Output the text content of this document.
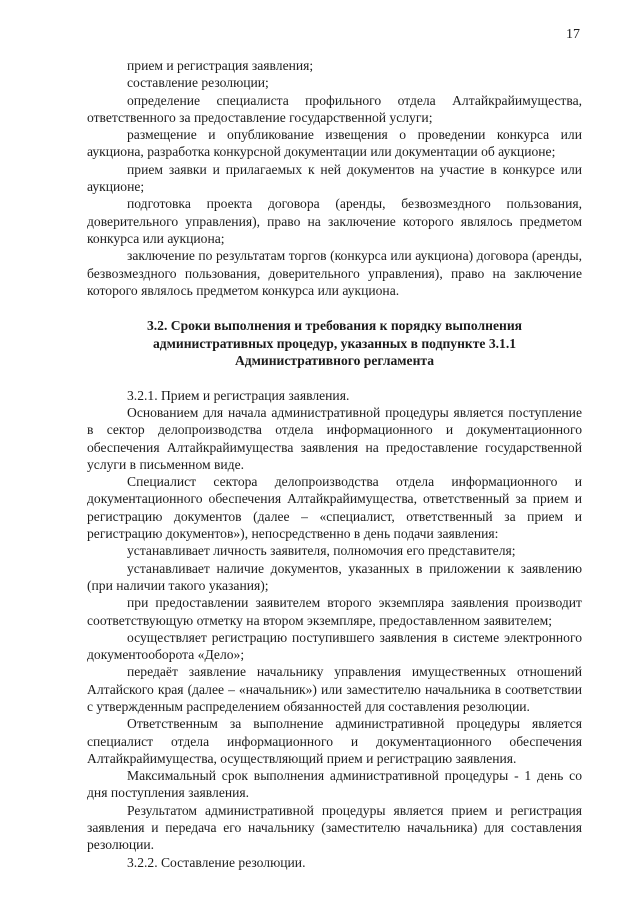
17

прием и регистрация заявления;

составление резолюции;

определение специалиста профильного отдела Алтайкрайимущества, ответственного за предоставление государственной услуги;

размещение и опубликование извещения о проведении конкурса или аукциона, разработка конкурсной документации или документации об аукционе;

прием заявки и прилагаемых к ней документов на участие в конкурсе или аукционе;

подготовка проекта договора (аренды, безвозмездного пользования, доверительного управления), право на заключение которого являлось предметом конкурса или аукциона;

заключение по результатам торгов (конкурса или аукциона) договора (аренды, безвозмездного пользования, доверительного управления), право на заключение которого являлось предметом конкурса или аукциона.

3.2. Сроки выполнения и требования к порядку выполнения
административных процедур, указанных в подпункте 3.1.1
Административного регламента

3.2.1. Прием и регистрация заявления.

Основанием для начала административной процедуры является поступление в сектор делопроизводства отдела информационного и документационного обеспечения Алтайкрайимущества заявления на предоставление государственной услуги в письменном виде.

Специалист сектора делопроизводства отдела информационного и документационного обеспечения Алтайкрайимущества, ответственный за прием и регистрацию документов (далее – «специалист, ответственный за прием и регистрацию документов»), непосредственно в день подачи заявления:

устанавливает личность заявителя, полномочия его представителя;

устанавливает наличие документов, указанных в приложении к заявлению (при наличии такого указания);

при предоставлении заявителем второго экземпляра заявления производит соответствующую отметку на втором экземпляре, предоставленном заявителем;

осуществляет регистрацию поступившего заявления в системе электронного документооборота «Дело»;

передаёт заявление начальнику управления имущественных отношений Алтайского края (далее – «начальник») или заместителю начальника в соответствии с утвержденным распределением обязанностей для составления резолюции.

Ответственным за выполнение административной процедуры является специалист отдела информационного и документационного обеспечения Алтайкрайимущества, осуществляющий прием и регистрацию заявления.

Максимальный срок выполнения административной процедуры - 1 день со дня поступления заявления.

Результатом административной процедуры является прием и регистрация заявления и передача его начальнику (заместителю начальника) для составления резолюции.

3.2.2. Составление резолюции.
